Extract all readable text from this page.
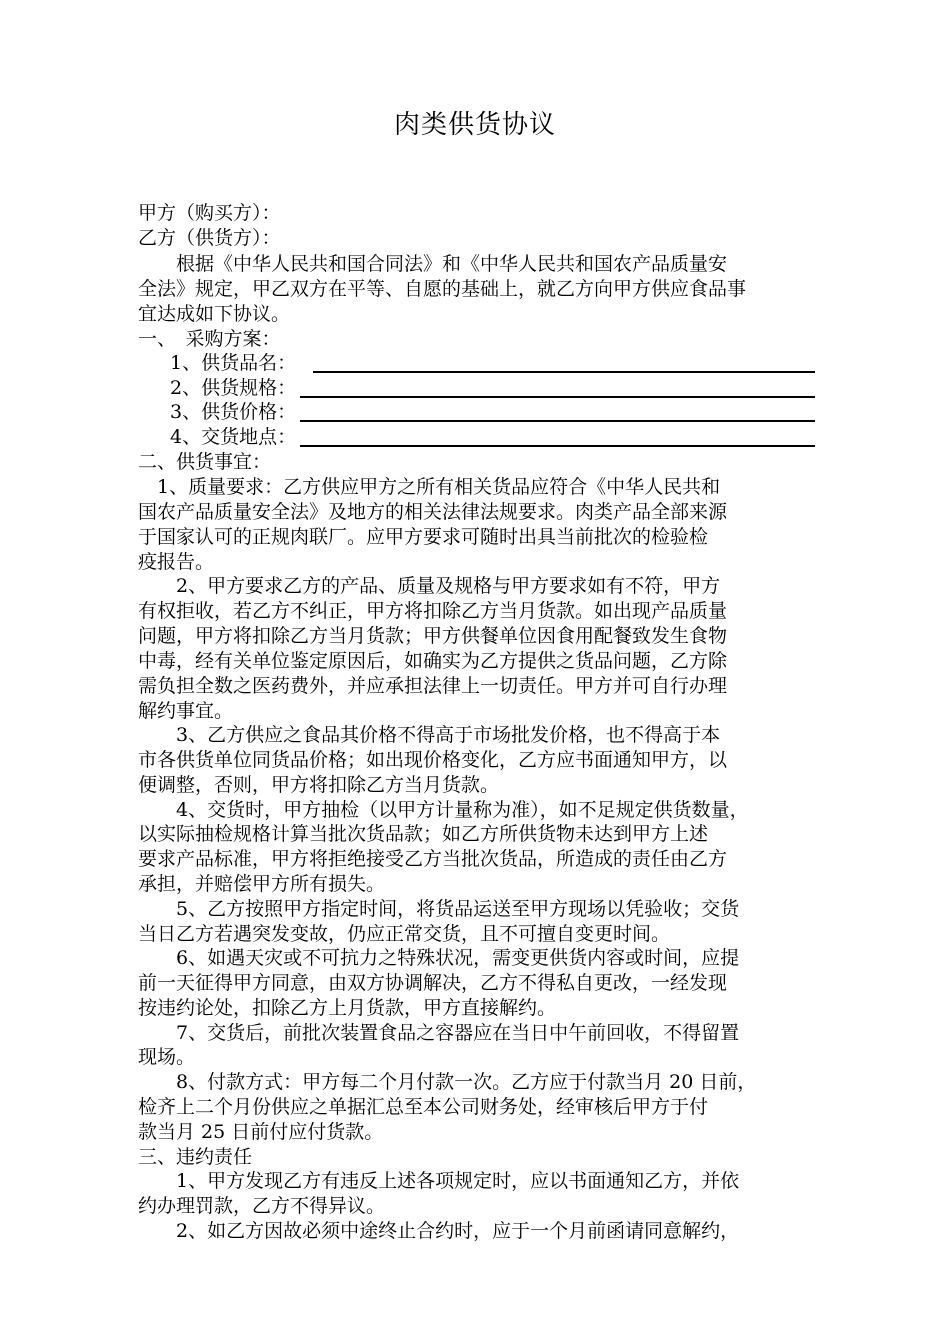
肉类供货协议
甲方（购买方）：
乙方（供货方）：
　　根据《中华人民共和国合同法》和《中华人民共和国农产品质量安
全法》规定，甲乙双方在平等、自愿的基础上，就乙方向甲方供应食品事
宜达成如下协议。
一、　采购方案：
1、供货品名：
2、供货规格：
3、供货价格：
4、交货地点：
二、供货事宜：
　1、质量要求：乙方供应甲方之所有相关货品应符合《中华人民共和
国农产品质量安全法》及地方的相关法律法规要求。肉类产品全部来源
于国家认可的正规肉联厂。应甲方要求可随时出具当前批次的检验检
疫报告。
　　2、甲方要求乙方的产品、质量及规格与甲方要求如有不符，甲方
有权拒收，若乙方不纠正，甲方将扣除乙方当月货款。如出现产品质量
问题，甲方将扣除乙方当月货款；甲方供餐单位因食用配餐致发生食物
中毒，经有关单位鉴定原因后，如确实为乙方提供之货品问题，乙方除
需负担全数之医药费外，并应承担法律上一切责任。甲方并可自行办理
解约事宜。
　　3、乙方供应之食品其价格不得高于市场批发价格，也不得高于本
市各供货单位同货品价格；如出现价格变化，乙方应书面通知甲方，以
便调整，否则，甲方将扣除乙方当月货款。
　　4、交货时，甲方抽检（以甲方计量称为准），如不足规定供货数量，
以实际抽检规格计算当批次货品款；如乙方所供货物未达到甲方上述
要求产品标准，甲方将拒绝接受乙方当批次货品，所造成的责任由乙方
承担，并赔偿甲方所有损失。
　　5、乙方按照甲方指定时间，将货品运送至甲方现场以凭验收；交货
当日乙方若遇突发变故，仍应正常交货，且不可擅自变更时间。
　　6、如遇天灾或不可抗力之特殊状况，需变更供货内容或时间，应提
前一天征得甲方同意，由双方协调解决，乙方不得私自更改，一经发现
按违约论处，扣除乙方上月货款，甲方直接解约。
　　7、交货后，前批次装置食品之容器应在当日中午前回收，不得留置
现场。
　　8、付款方式：甲方每二个月付款一次。乙方应于付款当月 20 日前，
检齐上二个月份供应之单据汇总至本公司财务处，经审核后甲方于付
款当月 25 日前付应付货款。
三、违约责任
　　1、甲方发现乙方有违反上述各项规定时，应以书面通知乙方，并依
约办理罚款，乙方不得异议。
　　2、如乙方因故必须中途终止合约时，应于一个月前函请同意解约，
